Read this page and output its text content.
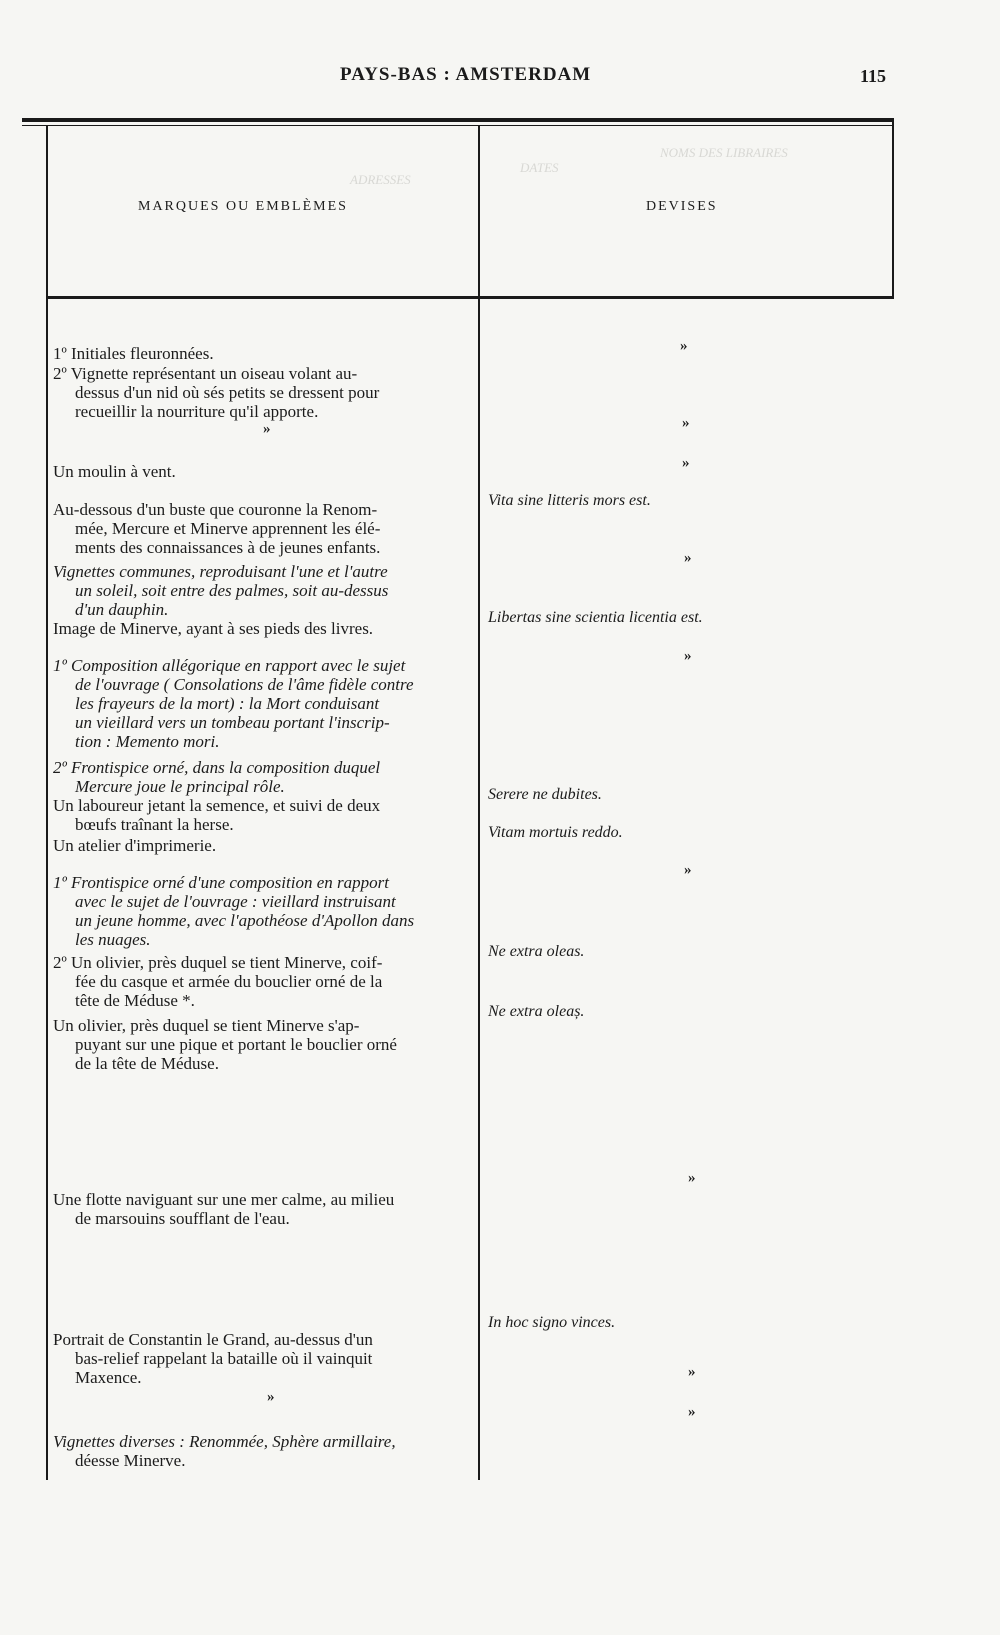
PAYS-BAS : AMSTERDAM	115
DATES
NOMS DES LIBRAIRES
ADRESSES
MARQUES OU EMBLÈMES	DEVISES
1º Initiales fleuronnées.
2º Vignette représentant un oiseau volant au-
dessus d'un nid où sés petits se dressent pour
recueillir la nourriture qu'il apporte.
»
Un moulin à vent.
Au-dessous d'un buste que couronne la Renom-
mée, Mercure et Minerve apprennent les élé-
ments des connaissances à de jeunes enfants.
Vignettes communes, reproduisant l'une et l'autre
un soleil, soit entre des palmes, soit au-dessus
d'un dauphin.
Image de Minerve, ayant à ses pieds des livres.
1º Composition allégorique en rapport avec le sujet
de l'ouvrage ( Consolations de l'âme fidèle contre
les frayeurs de la mort) : la Mort conduisant
un vieillard vers un tombeau portant l'inscrip-
tion : Memento mori.
2º Frontispice orné, dans la composition duquel
Mercure joue le principal rôle.
Un laboureur jetant la semence, et suivi de deux
bœufs traînant la herse.
Un atelier d'imprimerie.
1º Frontispice orné d'une composition en rapport
avec le sujet de l'ouvrage : vieillard instruisant
un jeune homme, avec l'apothéose d'Apollon dans
les nuages.
2º Un olivier, près duquel se tient Minerve, coif-
fée du casque et armée du bouclier orné de la
tête de Méduse *.
Un olivier, près duquel se tient Minerve s'ap-
puyant sur une pique et portant le bouclier orné
de la tête de Méduse.
Une flotte naviguant sur une mer calme, au milieu
de marsouins soufflant de l'eau.
Portrait de Constantin le Grand, au-dessus d'un
bas-relief rappelant la bataille où il vainquit
Maxence.
»
Vignettes diverses : Renommée, Sphère armillaire,
déesse Minerve.
»
»
»
Vita sine litteris mors est.
»
Libertas sine scientia licentia est.
»
Serere ne dubites.
Vitam mortuis reddo.
»
Ne extra oleas.
Ne extra oleaș.
»
In hoc signo vinces.
»
»
